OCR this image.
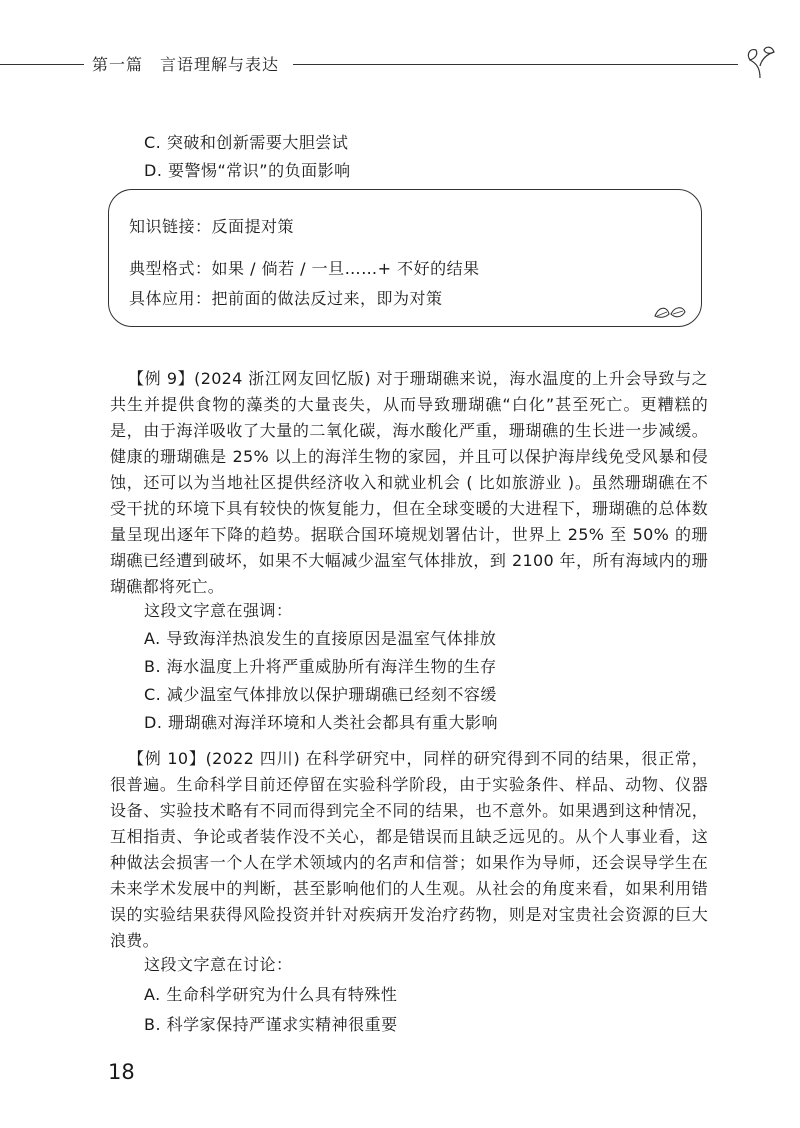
第一篇　言语理解与表达
C. 突破和创新需要大胆尝试
D. 要警惕“常识”的负面影响
知识链接：反面提对策
典型格式：如果 / 倘若 / 一旦……+ 不好的结果
具体应用：把前面的做法反过来，即为对策

【例 9】(2024 浙江网友回忆版) 对于珊瑚礁来说，海水温度的上升会导致与之共生并提供食物的藻类的大量丧失，从而导致珊瑚礁“白化”甚至死亡。更糟糕的是，由于海洋吸收了大量的二氧化碳，海水酸化严重，珊瑚礁的生长进一步减缓。健康的珊瑚礁是 25% 以上的海洋生物的家园，并且可以保护海岸线免受风暴和侵蚀，还可以为当地社区提供经济收入和就业机会 ( 比如旅游业 )。虽然珊瑚礁在不受干扰的环境下具有较快的恢复能力，但在全球变暖的大进程下，珊瑚礁的总体数量呈现出逐年下降的趋势。据联合国环境规划署估计，世界上 25% 至 50% 的珊瑚礁已经遭到破坏，如果不大幅减少温室气体排放，到 2100 年，所有海域内的珊瑚礁都将死亡。

这段文字意在强调：
A. 导致海洋热浪发生的直接原因是温室气体排放
B. 海水温度上升将严重威胁所有海洋生物的生存
C. 减少温室气体排放以保护珊瑚礁已经刻不容缓
D. 珊瑚礁对海洋环境和人类社会都具有重大影响

【例 10】(2022 四川) 在科学研究中，同样的研究得到不同的结果，很正常，很普遍。生命科学目前还停留在实验科学阶段，由于实验条件、样品、动物、仪器设备、实验技术略有不同而得到完全不同的结果，也不意外。如果遇到这种情况，互相指责、争论或者装作没不关心，都是错误而且缺乏远见的。从个人事业看，这种做法会损害一个人在学术领域内的名声和信誉；如果作为导师，还会误导学生在未来学术发展中的判断，甚至影响他们的人生观。从社会的角度来看，如果利用错误的实验结果获得风险投资并针对疾病开发治疗药物，则是对宝贵社会资源的巨大浪费。

这段文字意在讨论：
A. 生命科学研究为什么具有特殊性
B. 科学家保持严谨求实精神很重要
18
